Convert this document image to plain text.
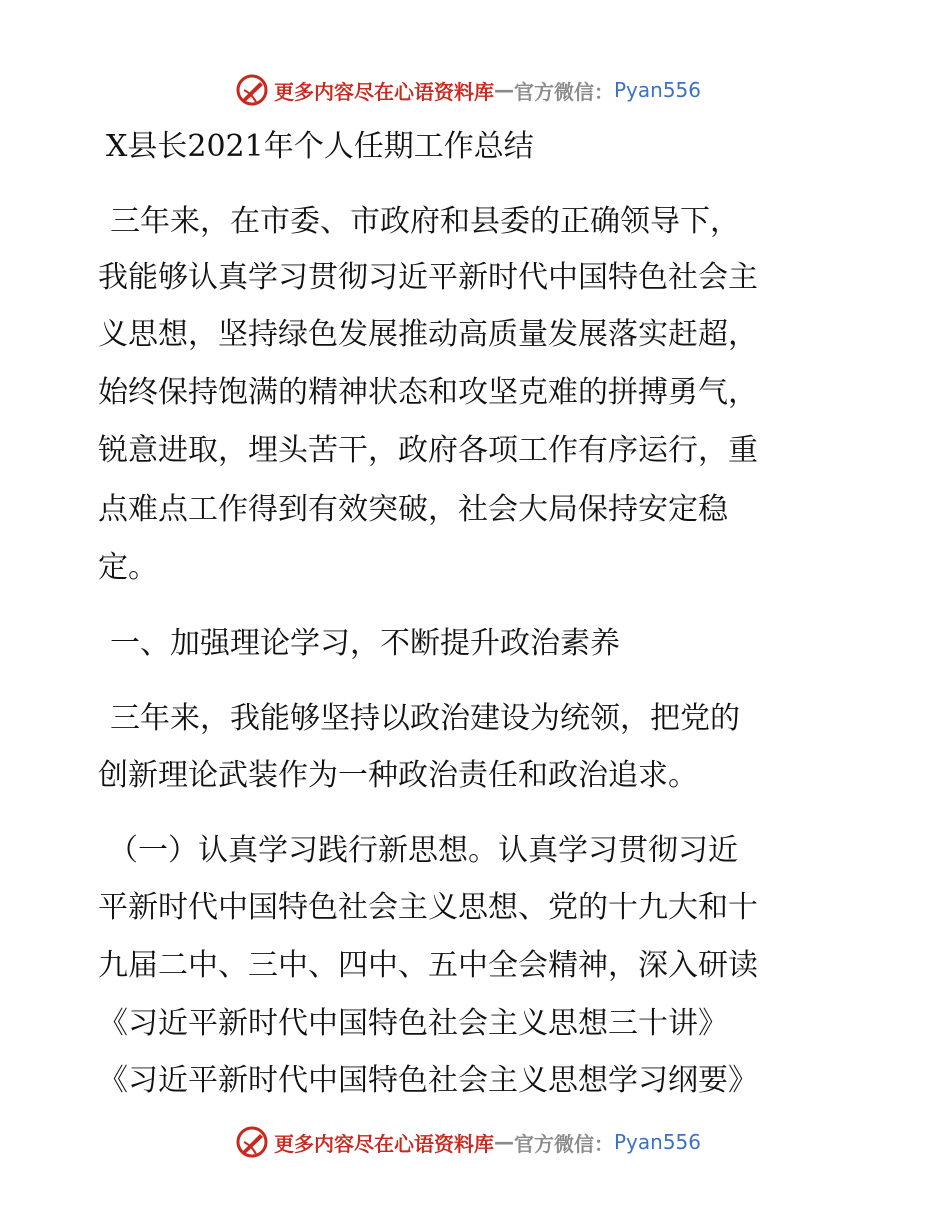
更多内容尽在心语资料库 — 官方微信： Pyan556
X县长2021年个人任期工作总结
三年来，在市委、市政府和县委的正确领导下，
我能够认真学习贯彻习近平新时代中国特色社会主
义思想，坚持绿色发展推动高质量发展落实赶超，
始终保持饱满的精神状态和攻坚克难的拼搏勇气，
锐意进取，埋头苦干，政府各项工作有序运行，重
点难点工作得到有效突破，社会大局保持安定稳
定。
一、加强理论学习，不断提升政治素养
三年来，我能够坚持以政治建设为统领，把党的
创新理论武装作为一种政治责任和政治追求。
（一）认真学习践行新思想。认真学习贯彻习近
平新时代中国特色社会主义思想、党的十九大和十
九届二中、三中、四中、五中全会精神，深入研读
《习近平新时代中国特色社会主义思想三十讲》
《习近平新时代中国特色社会主义思想学习纲要》
更多内容尽在心语资料库 — 官方微信： Pyan556
